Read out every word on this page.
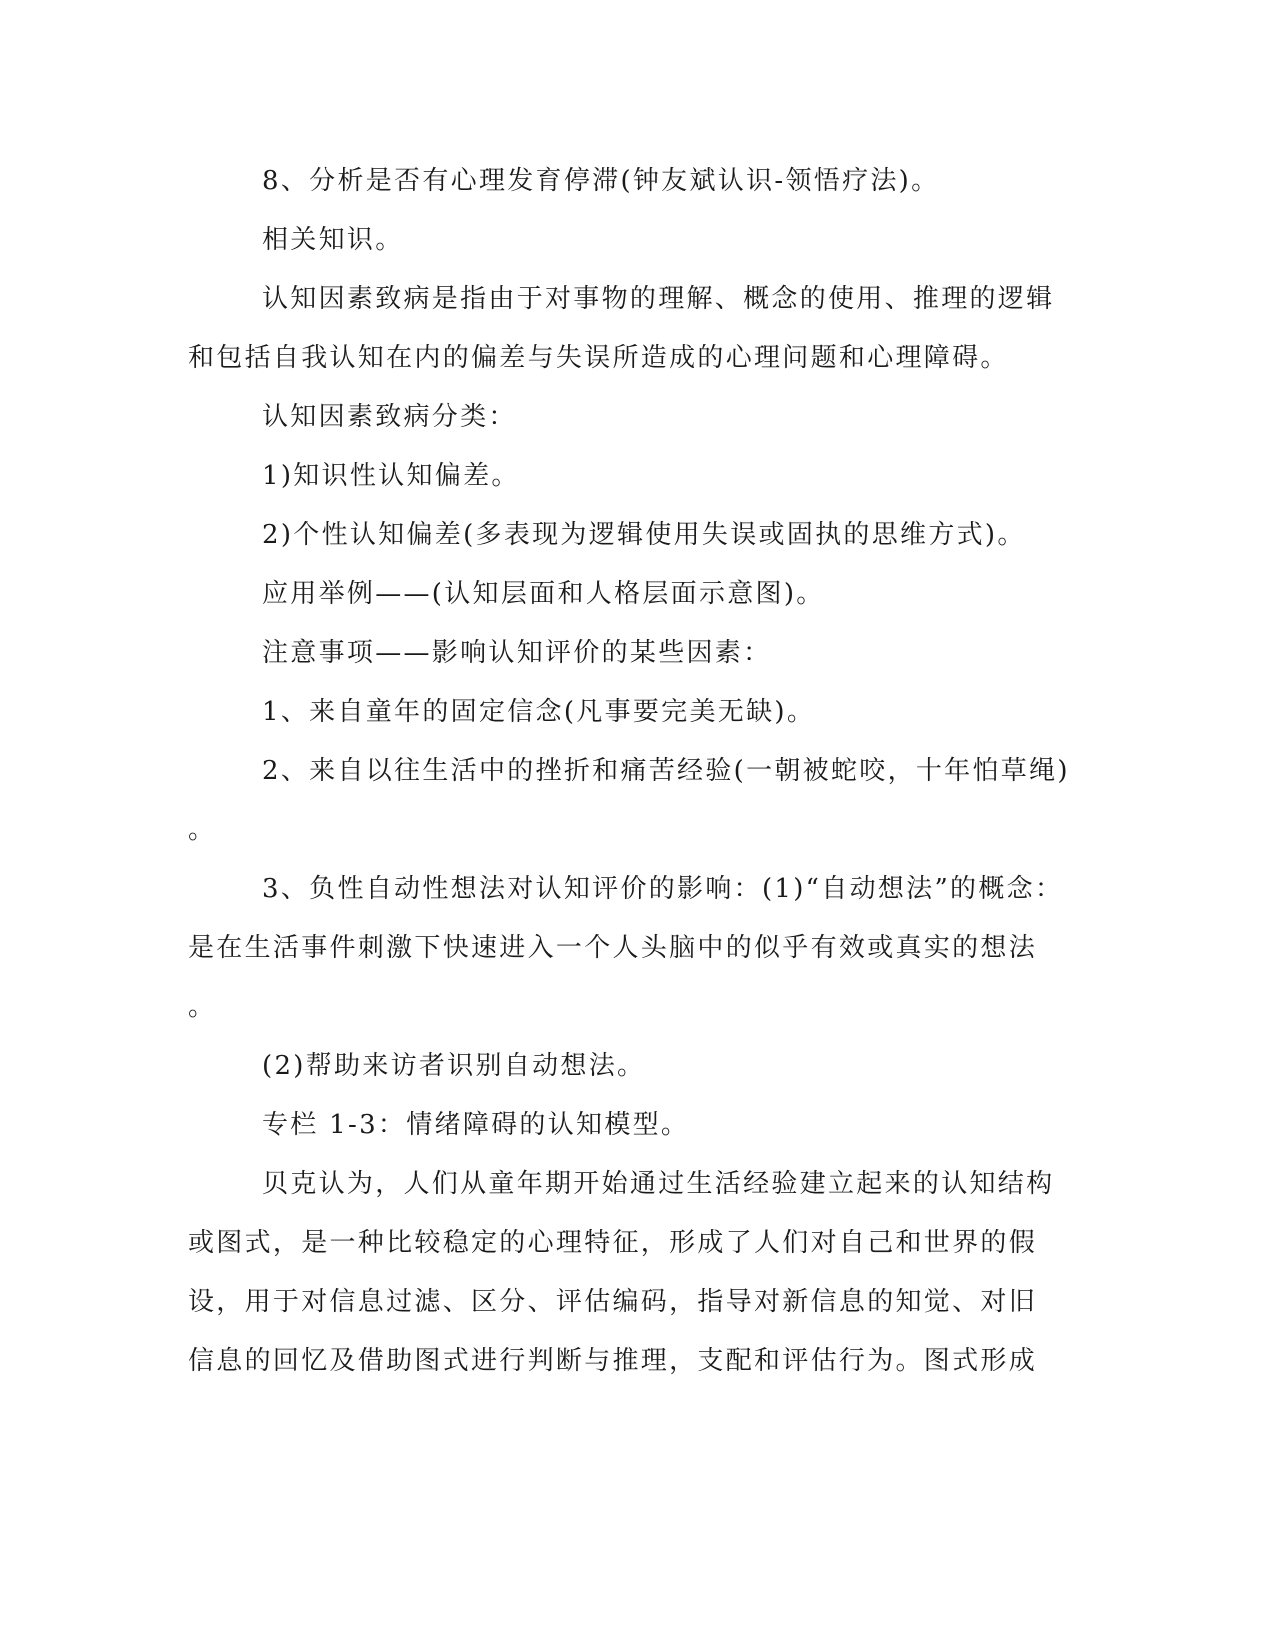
8、分析是否有心理发育停滞(钟友斌认识-领悟疗法)。
相关知识。
认知因素致病是指由于对事物的理解、概念的使用、推理的逻辑
和包括自我认知在内的偏差与失误所造成的心理问题和心理障碍。
认知因素致病分类：
1)知识性认知偏差。
2)个性认知偏差(多表现为逻辑使用失误或固执的思维方式)。
应用举例——(认知层面和人格层面示意图)。
注意事项——影响认知评价的某些因素：
1、来自童年的固定信念(凡事要完美无缺)。
2、来自以往生活中的挫折和痛苦经验(一朝被蛇咬，十年怕草绳)
。
3、负性自动性想法对认知评价的影响：(1)“自动想法”的概念：
是在生活事件刺激下快速进入一个人头脑中的似乎有效或真实的想法
。
(2)帮助来访者识别自动想法。
专栏 1-3：情绪障碍的认知模型。
贝克认为，人们从童年期开始通过生活经验建立起来的认知结构
或图式，是一种比较稳定的心理特征，形成了人们对自己和世界的假
设，用于对信息过滤、区分、评估编码，指导对新信息的知觉、对旧
信息的回忆及借助图式进行判断与推理，支配和评估行为。图式形成
